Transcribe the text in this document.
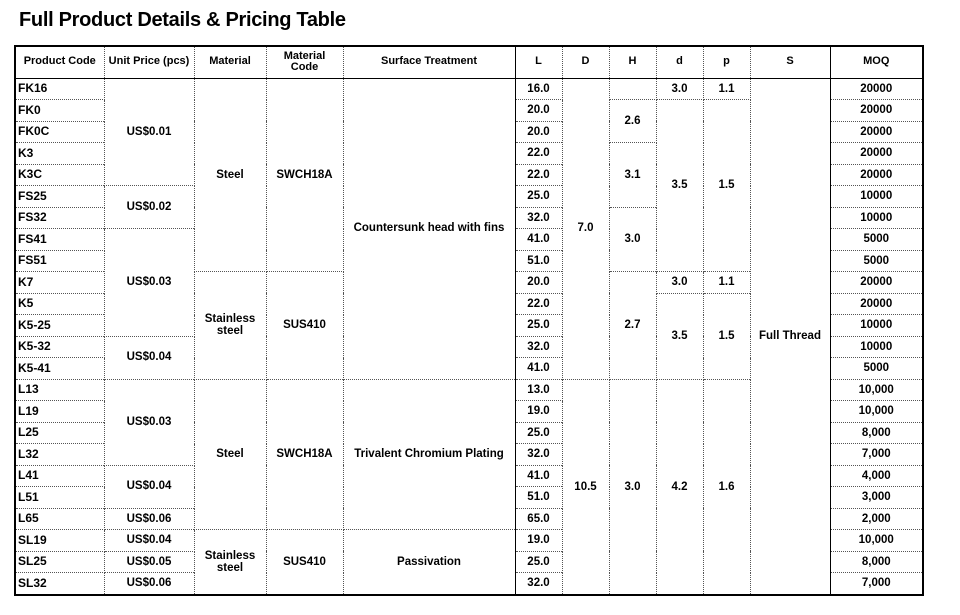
Full Product Details & Pricing Table
Product Code	Unit Price (pcs)	Material	Material Code	Surface Treatment	L	D	H	d	p	S	MOQ
FK16	US$0.01	Steel	SWCH18A	Countersunk head with fins	16.0	7.0		3.0	1.1	Full Thread	20000
FK0					20.0		2.6	3.5	1.5		20000
FK0C					20.0						20000
K3					22.0		3.1				20000
K3C					22.0						20000
FS25	US$0.02				25.0						10000
FS32					32.0		3.0				10000
FS41	US$0.03				41.0						5000
FS51					51.0						5000
K7		Stainless steel	SUS410		20.0		2.7	3.0	1.1		20000
K5					22.0			3.5	1.5		20000
K5-25					25.0						10000
K5-32	US$0.04				32.0						10000
K5-41					41.0						5000
L13	US$0.03	Steel	SWCH18A	Trivalent Chromium Plating	13.0	10.5	3.0	4.2	1.6		10,000
L19					19.0						10,000
L25					25.0						8,000
L32					32.0						7,000
L41	US$0.04				41.0						4,000
L51					51.0						3,000
L65	US$0.06				65.0						2,000
SL19	US$0.04	Stainless steel	SUS410	Passivation	19.0						10,000
SL25	US$0.05				25.0						8,000
SL32	US$0.06				32.0						7,000
